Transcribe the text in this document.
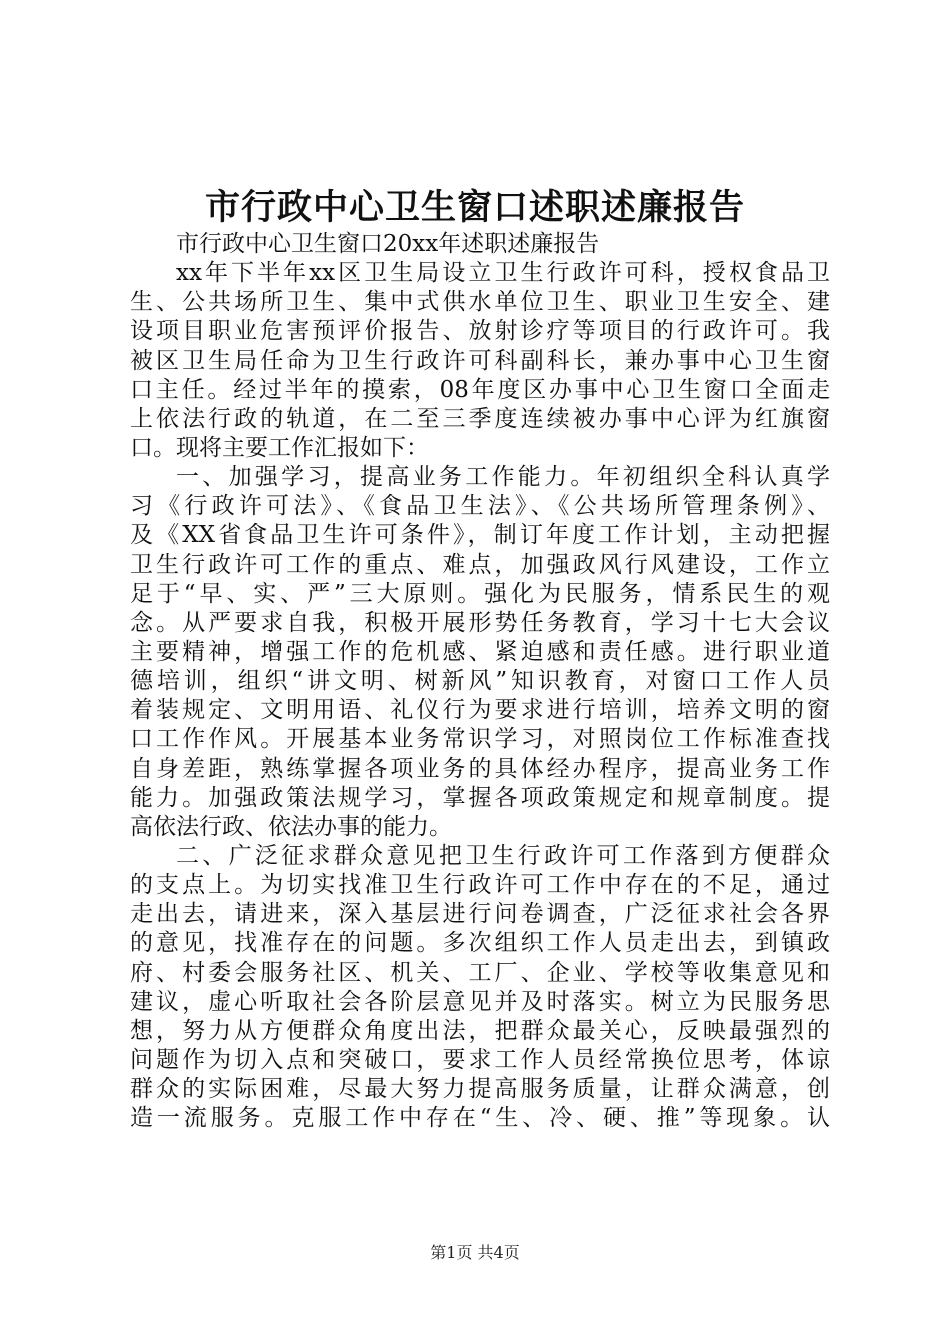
市行政中心卫生窗口述职述廉报告
市行政中心卫生窗口20xx年述职述廉报告
xx年下半年xx区卫生局设立卫生行政许可科，授权食品卫
生、公共场所卫生、集中式供水单位卫生、职业卫生安全、建
设项目职业危害预评价报告、放射诊疗等项目的行政许可。我
被区卫生局任命为卫生行政许可科副科长，兼办事中心卫生窗
口主任。经过半年的摸索，08年度区办事中心卫生窗口全面走
上依法行政的轨道，在二至三季度连续被办事中心评为红旗窗
口。现将主要工作汇报如下：
一、加强学习，提高业务工作能力。年初组织全科认真学
习《行政许可法》、《食品卫生法》、《公共场所管理条例》、
及《XX省食品卫生许可条件》，制订年度工作计划，主动把握
卫生行政许可工作的重点、难点，加强政风行风建设，工作立
足于“早、实、严”三大原则。强化为民服务，情系民生的观
念。从严要求自我，积极开展形势任务教育，学习十七大会议
主要精神，增强工作的危机感、紧迫感和责任感。进行职业道
德培训，组织“讲文明、树新风”知识教育，对窗口工作人员
着装规定、文明用语、礼仪行为要求进行培训，培养文明的窗
口工作作风。开展基本业务常识学习，对照岗位工作标准查找
自身差距，熟练掌握各项业务的具体经办程序，提高业务工作
能力。加强政策法规学习，掌握各项政策规定和规章制度。提
高依法行政、依法办事的能力。
二、广泛征求群众意见把卫生行政许可工作落到方便群众
的支点上。为切实找准卫生行政许可工作中存在的不足，通过
走出去，请进来，深入基层进行问卷调查，广泛征求社会各界
的意见，找准存在的问题。多次组织工作人员走出去，到镇政
府、村委会服务社区、机关、工厂、企业、学校等收集意见和
建议，虚心听取社会各阶层意见并及时落实。树立为民服务思
想，努力从方便群众角度出法，把群众最关心，反映最强烈的
问题作为切入点和突破口，要求工作人员经常换位思考，体谅
群众的实际困难，尽最大努力提高服务质量，让群众满意，创
造一流服务。克服工作中存在“生、冷、硬、推”等现象。认
第1页 共4页
